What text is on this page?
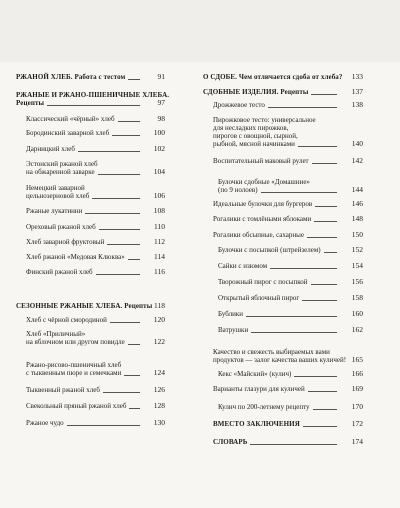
РЖАНОЙ ХЛЕБ. Работа с тестом	91
РЖАНЫЕ И РЖАНО-ПШЕНИЧНЫЕ ХЛЕБА.
Рецепты	97
Классический «чёрный» хлеб	98
Бородинский заварной хлеб	100
Дарницкий хлеб	102
Эстонский ржаной хлеб
на обжаренной заварке	104
Немецкий заварной
цельнозерновой хлеб	106
Ржаные лукатинни	108
Ореховый ржаной хлеб	110
Хлеб заварной фруктовый	112
Хлеб ржаной «Медовая Клюква»	114
Финский ржаной хлеб	116
СЕЗОННЫЕ РЖАНЫЕ ХЛЕБА. Рецепты 118
Хлеб с чёрной смородиной	120
Хлеб «Приличный»
на яблочном или другом повидле	122
Ржано-рисово-пшеничный хлеб
с тыквенным пюре и семечками	124
Тыквенный ржаной хлеб	126
Свекольный пряный ржаной хлеб	128
Ржаное чудо	130
О СДОБЕ. Чем отличается сдоба от хлеба?	133
СДОБНЫЕ ИЗДЕЛИЯ. Рецепты	137
Дрожжевое тесто	138
Пирожковое тесто: универсальное
для несладких пирожков,
пирогов с овощной, сырной,
рыбной, мясной начинками	140
Воспитательный маковый рулет	142
Булочки сдобные «Домашние»
(по 9 нолоев)	144
Идеальные булочки для бургеров	146
Рогалики с томлёными яблоками	148
Рогалики обсыпные, сахарные	150
Булочки с посыпкой (штрейзелем)	152
Сайки с изюмом	154
Творожный пирог с посыпкой	156
Открытый яблочный пирог	158
Бублики	160
Ватрушки	162
Качество и свежесть выбираемых вами
продуктов — залог качества ваших куличей! 165
Кекс «Майский» (кулич)	166
Варианты глазури для куличей	169
Кулич по 200-летнему рецепту	170
ВМЕСТО ЗАКЛЮЧЕНИЯ	172
СЛОВАРЬ	174
